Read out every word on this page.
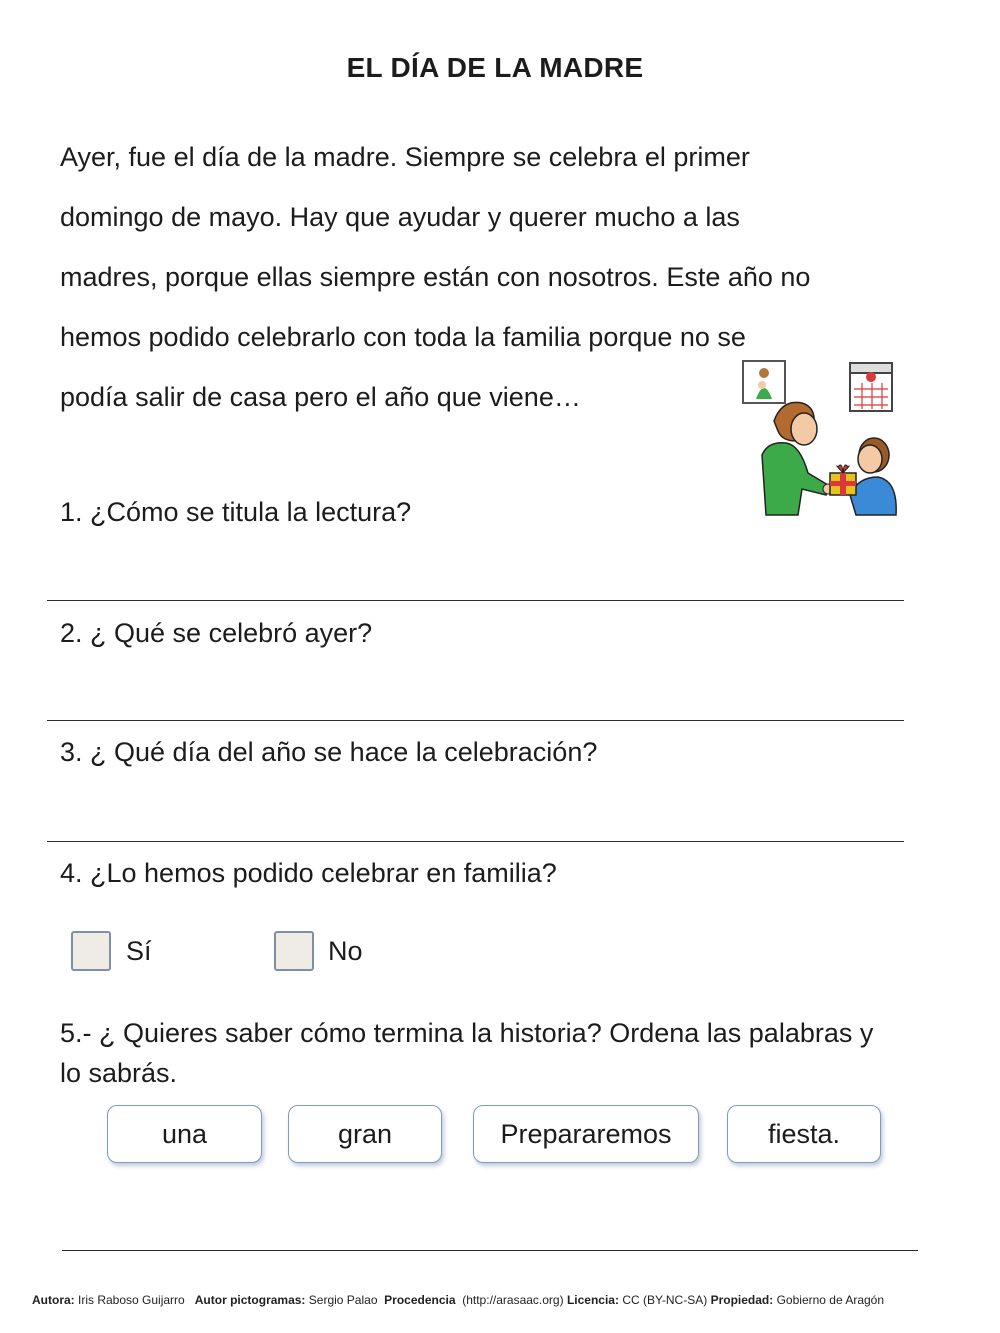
EL DÍA DE LA MADRE
Ayer, fue el día de la madre. Siempre se celebra el primer
domingo de mayo. Hay que ayudar y querer mucho a las
madres, porque ellas siempre están con nosotros. Este año no
hemos podido celebrarlo con toda la familia porque no se
podía salir de casa pero el año que viene…
1. ¿Cómo se titula la lectura?
2. ¿ Qué se celebró ayer?
3. ¿ Qué día del año se hace la celebración?
4. ¿Lo hemos podido celebrar en familia?
Sí	No
5.- ¿ Quieres saber cómo termina la historia? Ordena las palabras y
lo sabrás.
una	gran	Prepararemos	fiesta.
Autora: Iris Raboso Guijarro Autor pictogramas: Sergio Palao Procedencia (http://arasaac.org) Licencia: CC (BY-NC-SA) Propiedad: Gobierno de Aragón
